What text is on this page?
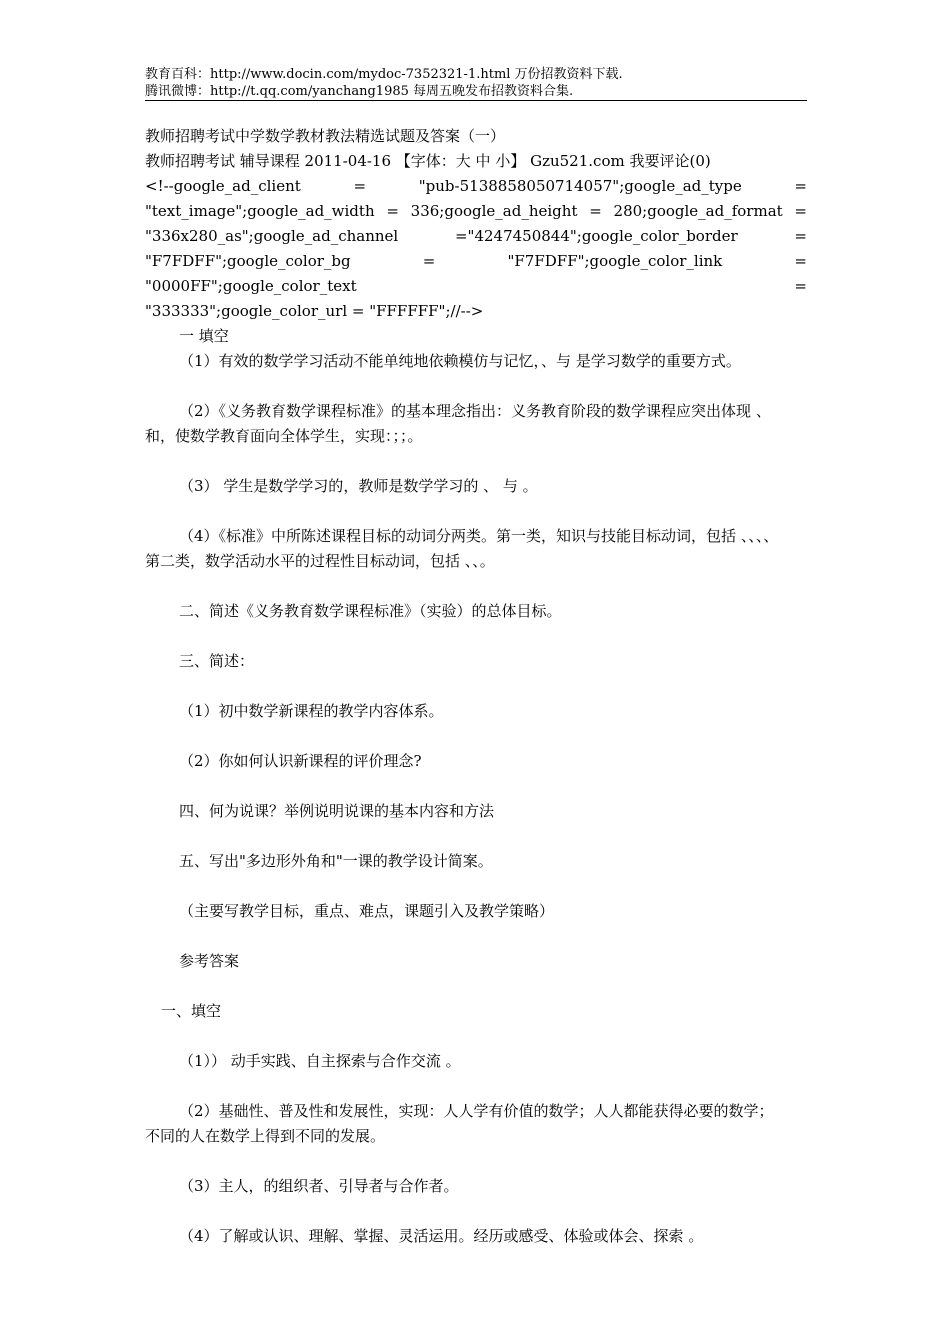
教育百科：http://www.docin.com/mydoc-7352321-1.html 万份招教资料下载.
腾讯微博：http://t.qq.com/yanchang1985 每周五晚发布招教资料合集.

教师招聘考试中学数学教材教法精选试题及答案（一）

教师招聘考试 辅导课程 2011-04-16 【字体：大 中 小】 Gzu521.com 我要评论(0)

<!--google_ad_client = "pub-5138858050714057";google_ad_type =

"text_image";google_ad_width = 336;google_ad_height = 280;google_ad_format =

"336x280_as";google_ad_channel ="4247450844";google_color_border =

"F7FDFF";google_color_bg = "F7FDFF";google_color_link = "0000FF";google_color_text =

"333333";google_color_url = "FFFFFF";//-->

一 填空

（1）有效的数学学习活动不能单纯地依赖模仿与记忆，、与 是学习数学的重要方式。

（2）《义务教育数学课程标准》的基本理念指出：义务教育阶段的数学课程应突出体现 、

和，使数学教育面向全体学生，实现：；；。

（3） 学生是数学学习的，教师是数学学习的 、 与 。

（4）《标准》中所陈述课程目标的动词分两类。第一类，知识与技能目标动词，包括 、、、、

第二类，数学活动水平的过程性目标动词，包括 、、。

二、简述《义务教育数学课程标准》（实验）的总体目标。

三、简述：

（1）初中数学新课程的教学内容体系。

（2）你如何认识新课程的评价理念?

四、何为说课？举例说明说课的基本内容和方法

五、写出"多边形外角和"一课的教学设计简案。

（主要写教学目标，重点、难点，课题引入及教学策略）

参考答案

一、填空

（1）） 动手实践、自主探索与合作交流 。

（2）基础性、普及性和发展性，实现：人人学有价值的数学；人人都能获得必要的数学；

不同的人在数学上得到不同的发展。

（3）主人，的组织者、引导者与合作者。

（4）了解或认识、理解、掌握、灵活运用。经历或感受、体验或体会、探索 。
